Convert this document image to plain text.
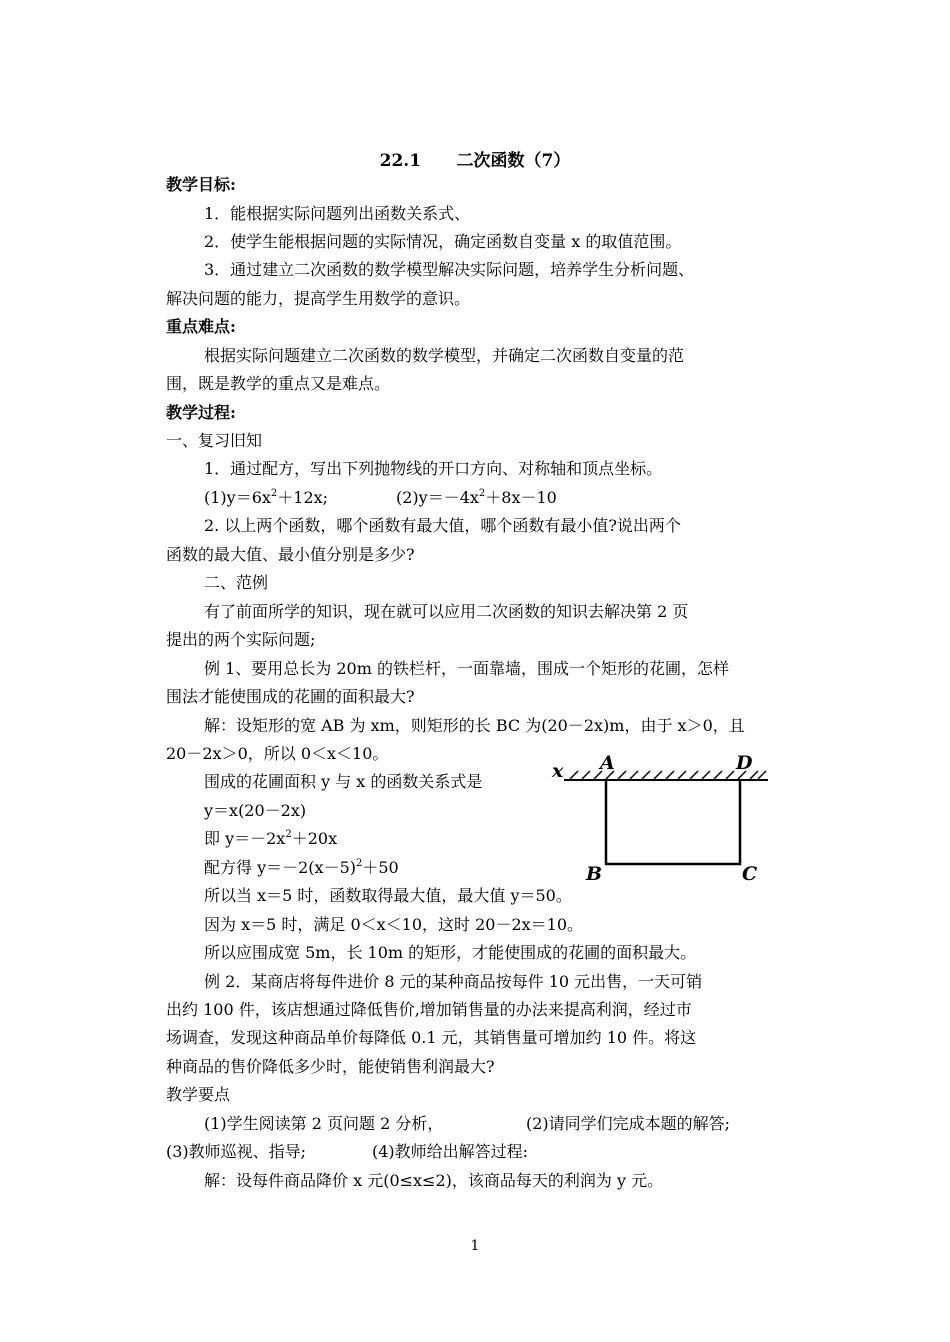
22.1      二次函数（7）
教学目标:
1．能根据实际问题列出函数关系式、
2．使学生能根据问题的实际情况，确定函数自变量 x 的取值范围。
3．通过建立二次函数的数学模型解决实际问题，培养学生分析问题、
解决问题的能力，提高学生用数学的意识。
重点难点:
根据实际问题建立二次函数的数学模型，并确定二次函数自变量的范
围，既是教学的重点又是难点。
教学过程:
一、复习旧知
1．通过配方，写出下列抛物线的开口方向、对称轴和顶点坐标。
$(1)y=6x^2+12x$;	$(2)y=-4x^2+8x-10$
2. 以上两个函数，哪个函数有最大值，哪个函数有最小值?说出两个
函数的最大值、最小值分别是多少?
二、范例
有了前面所学的知识，现在就可以应用二次函数的知识去解决第 2 页
提出的两个实际问题;
例 1、要用总长为 20m 的铁栏杆，一面靠墙，围成一个矩形的花圃，怎样
围法才能使围成的花圃的面积最大?
解：设矩形的宽 AB 为 xm，则矩形的长 BC 为(20－2x)m，由于 x＞0，且
20－2x＞0，所以 0＜x＜10。
围成的花圃面积 y 与 x 的函数关系式是
y＝x(20－2x)
即 $y=-2x^2+20x$
配方得 $y=-2(x-5)^2+50$
所以当 x＝5 时，函数取得最大值，最大值 y＝50。
因为 x＝5 时，满足 0＜x＜10，这时 20－2x＝10。
所以应围成宽 5m，长 10m 的矩形，才能使围成的花圃的面积最大。
例 2．某商店将每件进价 8 元的某种商品按每件 10 元出售，一天可销
出约 100 件，该店想通过降低售价,增加销售量的办法来提高利润，经过市
场调查，发现这种商品单价每降低 0.1 元，其销售量可增加约 10 件。将这
种商品的售价降低多少时，能使销售利润最大?
教学要点
(1)学生阅读第 2 页问题 2 分析，	(2)请同学们完成本题的解答;
(3)教师巡视、指导;	(4)教师给出解答过程:
解：设每件商品降价 x 元(0≤x≤2)，该商品每天的利润为 y 元。
x A	D
B	C
1
